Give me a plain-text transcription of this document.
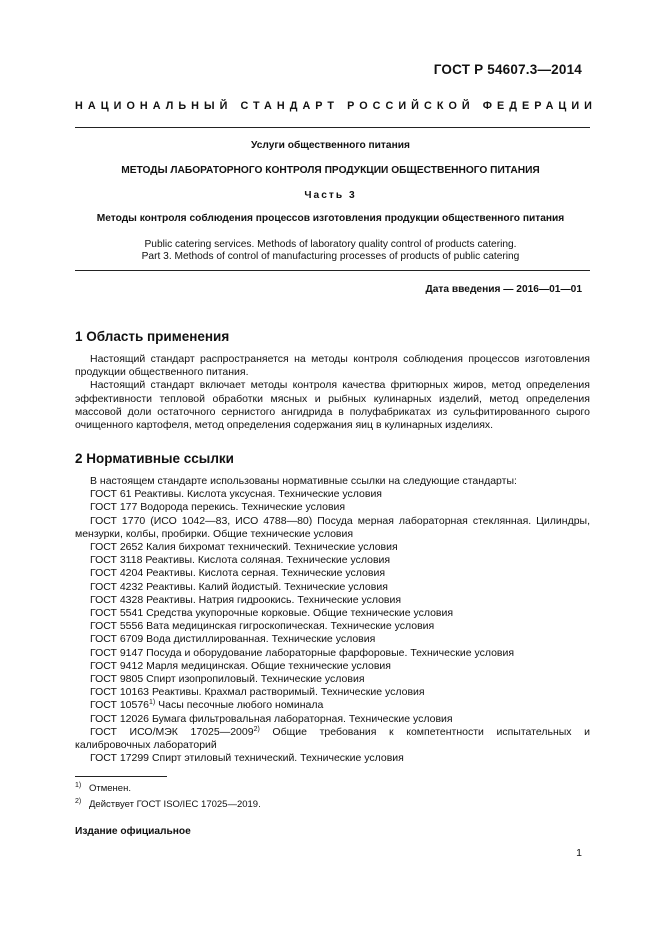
ГОСТ Р 54607.3—2014
НАЦИОНАЛЬНЫЙ СТАНДАРТ РОССИЙСКОЙ ФЕДЕРАЦИИ
Услуги общественного питания
МЕТОДЫ ЛАБОРАТОРНОГО КОНТРОЛЯ ПРОДУКЦИИ ОБЩЕСТВЕННОГО ПИТАНИЯ
Часть 3
Методы контроля соблюдения процессов изготовления продукции общественного питания
Public catering services. Methods of laboratory quality control of products catering.
Part 3. Methods of control of manufacturing processes of products of public catering
Дата введения — 2016—01—01
1 Область применения

Настоящий стандарт распространяется на методы контроля соблюдения процессов изготовления продукции общественного питания.

Настоящий стандарт включает методы контроля качества фритюрных жиров, метод определения эффективности тепловой обработки мясных и рыбных кулинарных изделий, метод определения массовой доли остаточного сернистого ангидрида в полуфабрикатах из сульфитированного сырого очищенного картофеля, метод определения содержания яиц в кулинарных изделиях.

2 Нормативные ссылки
В настоящем стандарте использованы нормативные ссылки на следующие стандарты:
ГОСТ 61 Реактивы. Кислота уксусная. Технические условия
ГОСТ 177 Водорода перекись. Технические условия
ГОСТ 1770 (ИСО 1042—83, ИСО 4788—80) Посуда мерная лабораторная стеклянная. Цилиндры, мензурки, колбы, пробирки. Общие технические условия
ГОСТ 2652 Калия бихромат технический. Технические условия
ГОСТ 3118 Реактивы. Кислота соляная. Технические условия
ГОСТ 4204 Реактивы. Кислота серная. Технические условия
ГОСТ 4232 Реактивы. Калий йодистый. Технические условия
ГОСТ 4328 Реактивы. Натрия гидроокись. Технические условия
ГОСТ 5541 Средства укупорочные корковые. Общие технические условия
ГОСТ 5556 Вата медицинская гигроскопическая. Технические условия
ГОСТ 6709 Вода дистиллированная. Технические условия
ГОСТ 9147 Посуда и оборудование лабораторные фарфоровые. Технические условия
ГОСТ 9412 Марля медицинская. Общие технические условия
ГОСТ 9805 Спирт изопропиловый. Технические условия
ГОСТ 10163 Реактивы. Крахмал растворимый. Технические условия
ГОСТ 10576$^{1)}$ Часы песочные любого номинала
ГОСТ 12026 Бумага фильтровальная лабораторная. Технические условия
ГОСТ ИСО/МЭК 17025—2009$^{2)}$ Общие требования к компетентности испытательных и калибровочных лабораторий
ГОСТ 17299 Спирт этиловый технический. Технические условия
$^{1)}$ Отменен.
$^{2)}$ Действует ГОСТ ISO/IEC 17025—2019.
Издание официальное
1
